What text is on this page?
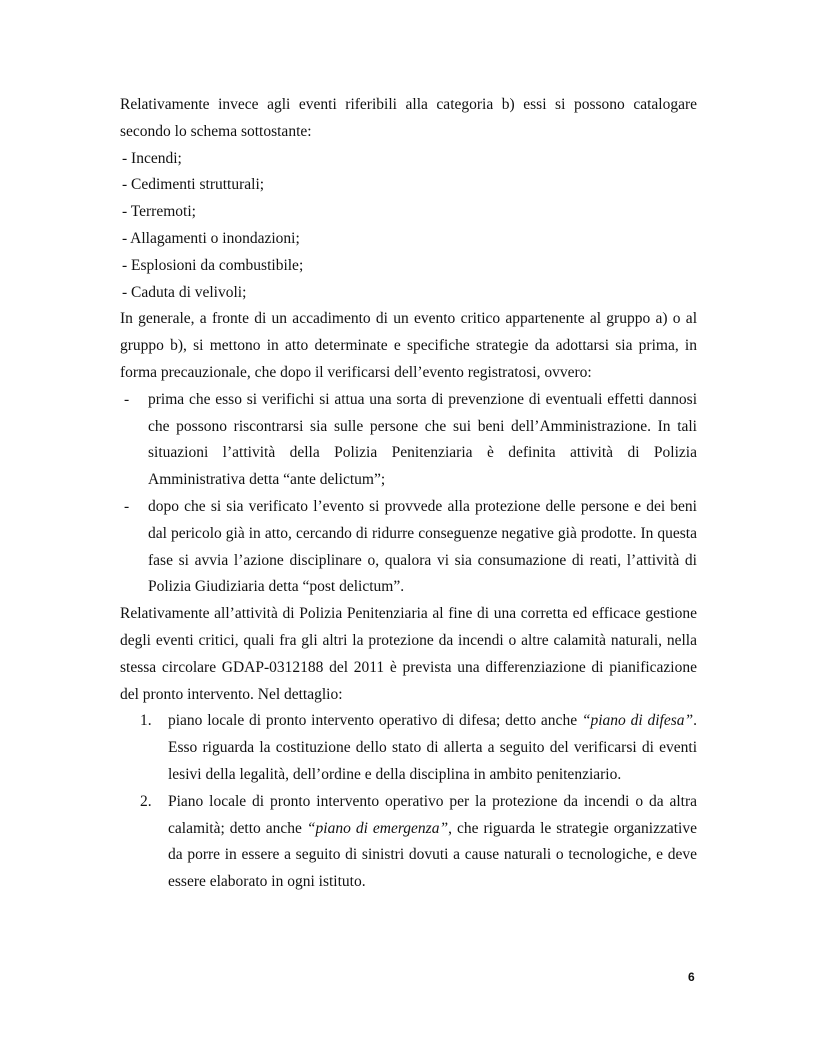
Relativamente invece agli eventi riferibili alla categoria b) essi si possono catalogare secondo lo schema sottostante:

- Incendi;
- Cedimenti strutturali;
- Terremoti;
- Allagamenti o inondazioni;
- Esplosioni da combustibile;
- Caduta di velivoli;

In generale, a fronte di un accadimento di un evento critico appartenente al gruppo a) o al gruppo b), si mettono in atto determinate e specifiche strategie da adottarsi sia prima, in forma precauzionale, che dopo il verificarsi dell’evento registratosi, ovvero:

- prima che esso si verifichi si attua una sorta di prevenzione di eventuali effetti dannosi che possono riscontrarsi sia sulle persone che sui beni dell’Amministrazione. In tali situazioni l’attività della Polizia Penitenziaria è definita attività di Polizia Amministrativa detta “ante delictum”;
- dopo che si sia verificato l’evento si provvede alla protezione delle persone e dei beni dal pericolo già in atto, cercando di ridurre conseguenze negative già prodotte. In questa fase si avvia l’azione disciplinare o, qualora vi sia consumazione di reati, l’attività di Polizia Giudiziaria detta “post delictum”.

Relativamente all’attività di Polizia Penitenziaria al fine di una corretta ed efficace gestione degli eventi critici, quali fra gli altri la protezione da incendi o altre calamità naturali, nella stessa circolare GDAP-0312188 del 2011 è prevista una differenziazione di pianificazione del pronto intervento. Nel dettaglio:

1. piano locale di pronto intervento operativo di difesa; detto anche “piano di difesa”. Esso riguarda la costituzione dello stato di allerta a seguito del verificarsi di eventi lesivi della legalità, dell’ordine e della disciplina in ambito penitenziario.
2. Piano locale di pronto intervento operativo per la protezione da incendi o da altra calamità; detto anche “piano di emergenza”, che riguarda le strategie organizzative da porre in essere a seguito di sinistri dovuti a cause naturali o tecnologiche, e deve essere elaborato in ogni istituto.
6
